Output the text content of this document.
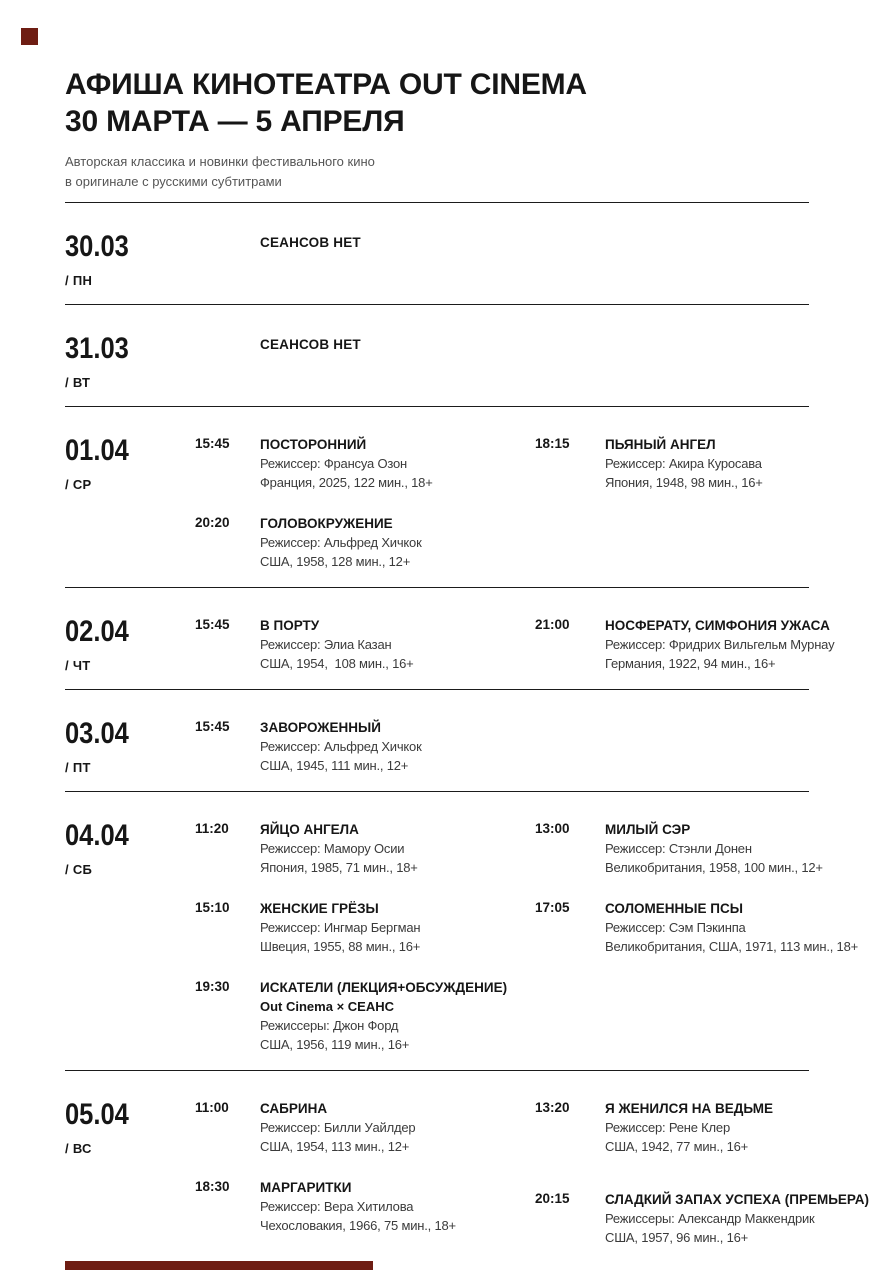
АФИША КИНОТЕАТРА OUT CINEMA
30 МАРТА — 5 АПРЕЛЯ
Авторская классика и новинки фестивального кино
в оригинале с русскими субтитрами
30.03
/ ПН
СЕАНСОВ НЕТ
31.03
/ ВТ
СЕАНСОВ НЕТ
01.04
/ СР
15:45	ПОСТОРОННИЙ
Режиссер: Франсуа Озон
Франция, 2025, 122 мин., 18+
18:15	ПЬЯНЫЙ АНГЕЛ
Режиссер: Акира Куросава
Япония, 1948, 98 мин., 16+
20:20	ГОЛОВОКРУЖЕНИЕ
Режиссер: Альфред Хичкок
США, 1958, 128 мин., 12+
02.04
/ ЧТ
15:45	В ПОРТУ
Режиссер: Элиа Казан
США, 1954,  108 мин., 16+
21:00	НОСФЕРАТУ, СИМФОНИЯ УЖАСА
Режиссер: Фридрих Вильгельм Мурнау
Германия, 1922, 94 мин., 16+
03.04
/ ПТ
15:45	ЗАВОРОЖЕННЫЙ
Режиссер: Альфред Хичкок
США, 1945, 111 мин., 12+
04.04
/ СБ
11:20	ЯЙЦО АНГЕЛА
Режиссер: Мамору Осии
Япония, 1985, 71 мин., 18+
13:00	МИЛЫЙ СЭР
Режиссер: Стэнли Донен
Великобритания, 1958, 100 мин., 12+
15:10	ЖЕНСКИЕ ГРЁЗЫ
Режиссер: Ингмар Бергман
Швеция, 1955, 88 мин., 16+
17:05	СОЛОМЕННЫЕ ПСЫ
Режиссер: Сэм Пэкинпа
Великобритания, США, 1971, 113 мин., 18+
19:30	ИСКАТЕЛИ (ЛЕКЦИЯ+ОБСУЖДЕНИЕ)
Out Cinema × СЕАНС
Режиссеры: Джон Форд
США, 1956, 119 мин., 16+
05.04
/ ВС
11:00	САБРИНА
Режиссер: Билли Уайлдер
США, 1954, 113 мин., 12+
13:20	Я ЖЕНИЛСЯ НА ВЕДЬМЕ
Режиссер: Рене Клер
США, 1942, 77 мин., 16+
18:30	МАРГАРИТКИ
Режиссер: Вера Хитилова
Чехословакия, 1966, 75 мин., 18+
20:15	СЛАДКИЙ ЗАПАХ УСПЕХА (ПРЕМЬЕРА)
Режиссеры: Александр Маккендрик
США, 1957, 96 мин., 16+
